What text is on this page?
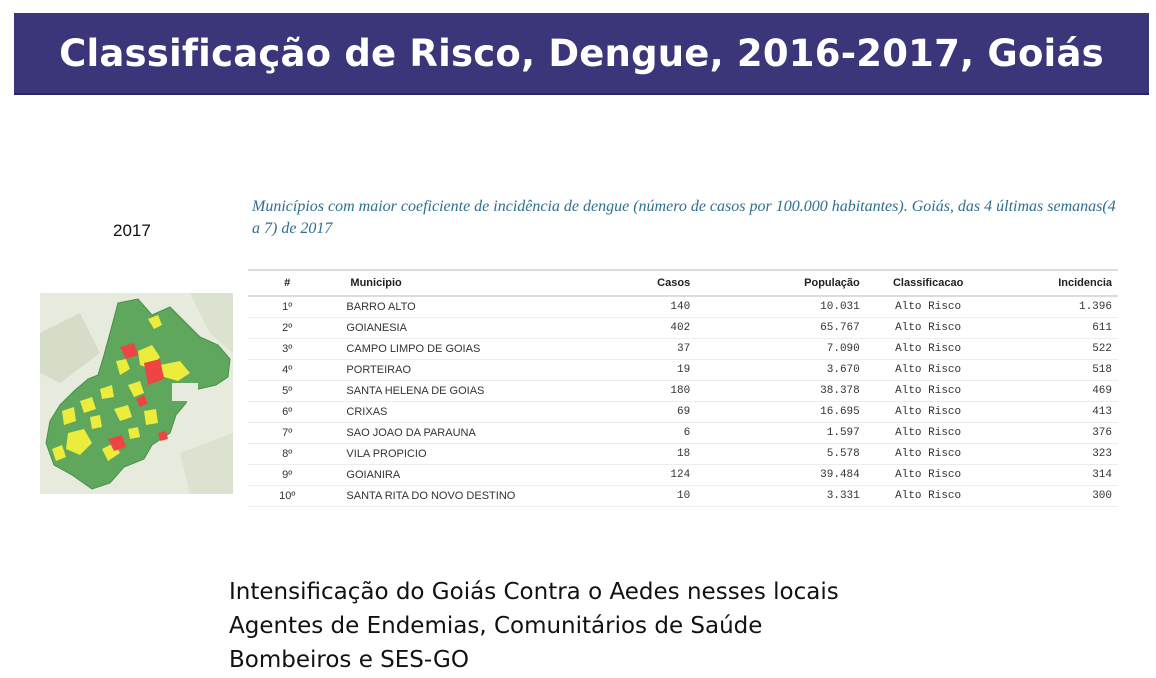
Classificação de Risco, Dengue, 2016-2017, Goiás
2017
Municípios com maior coeficiente de incidência de dengue (número de casos por 100.000 habitantes). Goiás, das 4 últimas semanas(4 a 7) de 2017
#	Municipio	Casos	População	Classificacao	Incidencia
1º	BARRO ALTO	140	10.031	Alto Risco	1.396
2º	GOIANESIA	402	65.767	Alto Risco	611
3º	CAMPO LIMPO DE GOIAS	37	7.090	Alto Risco	522
4º	PORTEIRAO	19	3.670	Alto Risco	518
5º	SANTA HELENA DE GOIAS	180	38.378	Alto Risco	469
6º	CRIXAS	69	16.695	Alto Risco	413
7º	SAO JOAO DA PARAUNA	6	1.597	Alto Risco	376
8º	VILA PROPICIO	18	5.578	Alto Risco	323
9º	GOIANIRA	124	39.484	Alto Risco	314
10º	SANTA RITA DO NOVO DESTINO	10	3.331	Alto Risco	300
Intensificação do Goiás Contra o Aedes nesses locais
Agentes de Endemias, Comunitários de Saúde
Bombeiros e SES-GO
